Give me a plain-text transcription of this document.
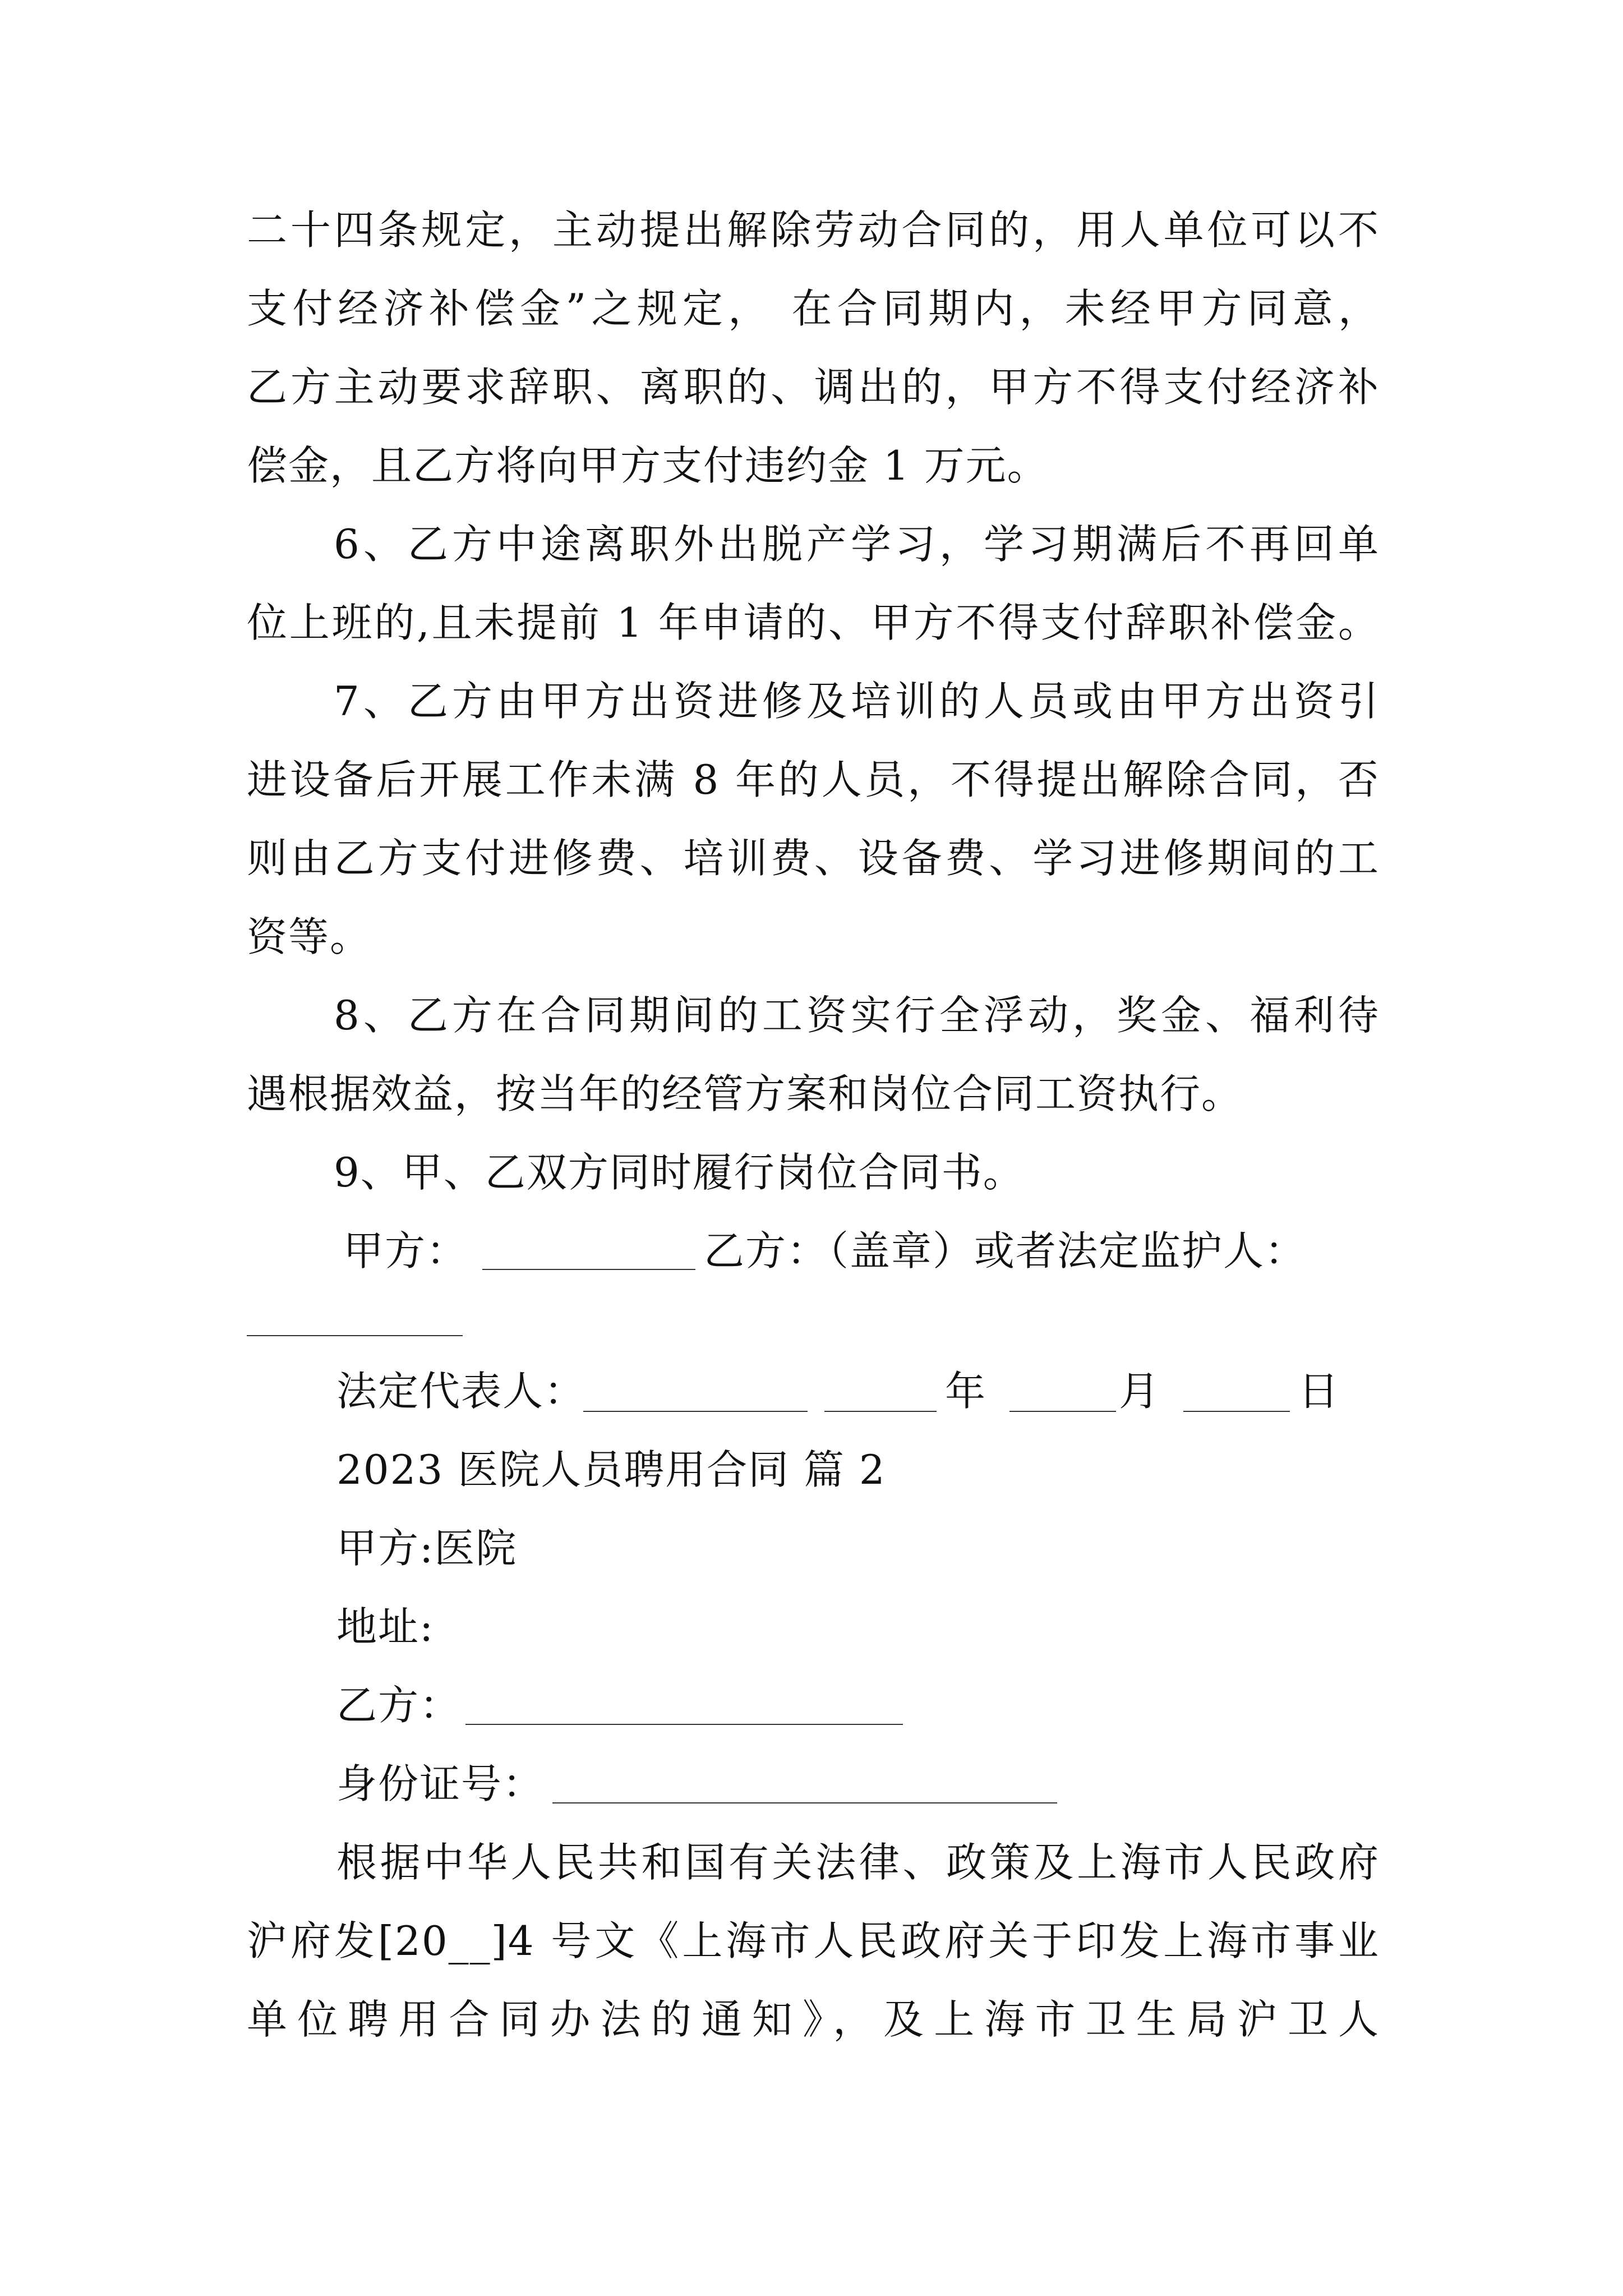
二十四条规定，主动提出解除劳动合同的，用人单位可以不
支付经济补偿金”之规定， 在合同期内，未经甲方同意，
乙方主动要求辞职、离职的、调出的，甲方不得支付经济补
偿金，且乙方将向甲方支付违约金 1 万元。
6、乙方中途离职外出脱产学习，学习期满后不再回单
位上班的,且未提前 1 年申请的、甲方不得支付辞职补偿金。
7、乙方由甲方出资进修及培训的人员或由甲方出资引
进设备后开展工作未满 8 年的人员，不得提出解除合同，否
则由乙方支付进修费、培训费、设备费、学习进修期间的工
资等。
8、乙方在合同期间的工资实行全浮动，奖金、福利待
遇根据效益，按当年的经管方案和岗位合同工资执行。
9、甲、乙双方同时履行岗位合同书。
甲方：	乙方：（盖章）或者法定监护人：
法定代表人：	年	月	日
2023 医院人员聘用合同 篇 2
甲方:医院
地址:
乙方：
身份证号：
根据中华人民共和国有关法律、政策及上海市人民政府
沪府发[20__]4 号文《上海市人民政府关于印发上海市事业
单位聘用合同办法的通知》，及上海市卫生局沪卫人
